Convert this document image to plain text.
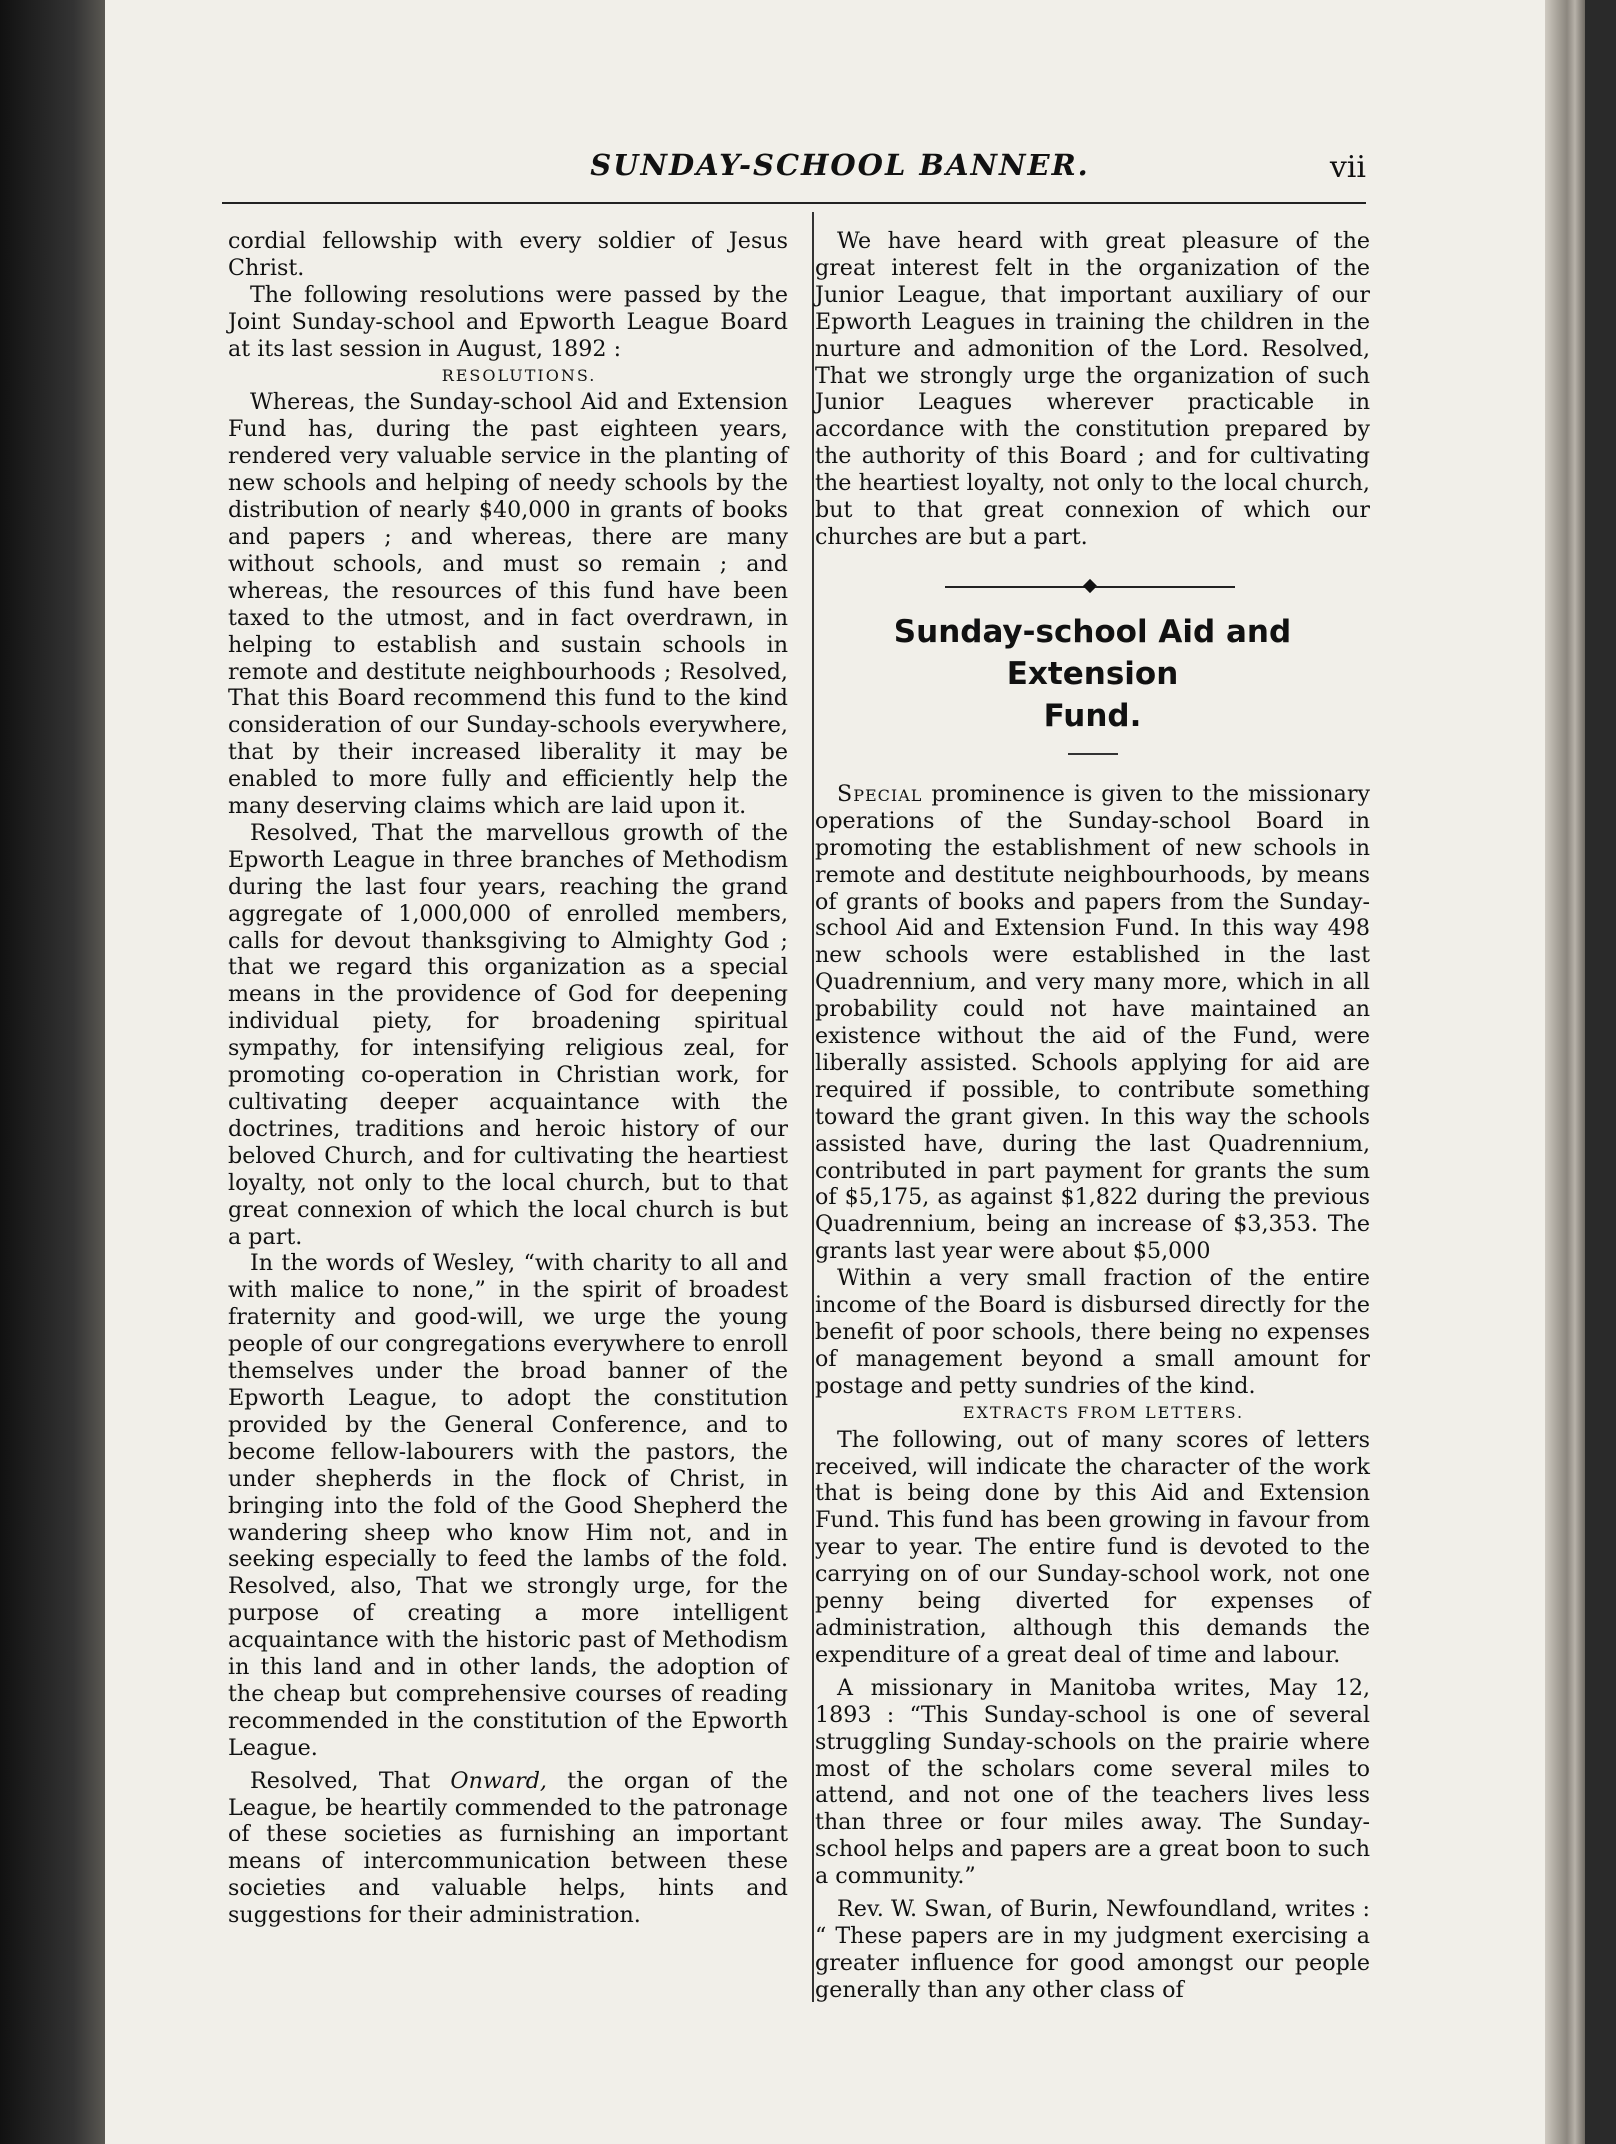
SUNDAY-SCHOOL BANNER.	vii

cordial fellowship with every soldier of Jesus Christ.

The following resolutions were passed by the Joint Sunday-school and Epworth League Board at its last session in August, 1892 :

RESOLUTIONS.

Whereas, the Sunday-school Aid and Extension Fund has, during the past eighteen years, rendered very valuable service in the planting of new schools and helping of needy schools by the distribution of nearly $40,000 in grants of books and papers ; and whereas, there are many without schools, and must so remain ; and whereas, the resources of this fund have been taxed to the utmost, and in fact overdrawn, in helping to establish and sustain schools in remote and destitute neighbourhoods ; Resolved, That this Board recommend this fund to the kind consideration of our Sunday-schools everywhere, that by their increased liberality it may be enabled to more fully and efficiently help the many deserving claims which are laid upon it.

Resolved, That the marvellous growth of the Epworth League in three branches of Methodism during the last four years, reaching the grand aggregate of 1,000,000 of enrolled members, calls for devout thanksgiving to Almighty God ; that we regard this organization as a special means in the providence of God for deepening individual piety, for broadening spiritual sympathy, for intensifying religious zeal, for promoting co-operation in Christian work, for cultivating deeper acquaintance with the doctrines, traditions and heroic history of our beloved Church, and for cultivating the heartiest loyalty, not only to the local church, but to that great connexion of which the local church is but a part.

In the words of Wesley, “with charity to all and with malice to none,” in the spirit of broadest fraternity and good-will, we urge the young people of our congregations everywhere to enroll themselves under the broad banner of the Epworth League, to adopt the constitution provided by the General Conference, and to become fellow-labourers with the pastors, the under shepherds in the flock of Christ, in bringing into the fold of the Good Shepherd the wandering sheep who know Him not, and in seeking especially to feed the lambs of the fold. Resolved, also, That we strongly urge, for the purpose of creating a more intelligent acquaintance with the historic past of Methodism in this land and in other lands, the adoption of the cheap but comprehensive courses of reading recommended in the constitution of the Epworth League.

Resolved, That Onward, the organ of the League, be heartily commended to the patronage of these societies as furnishing an important means of intercommunication between these societies and valuable helps, hints and suggestions for their administration.

We have heard with great pleasure of the great interest felt in the organization of the Junior League, that important auxiliary of our Epworth Leagues in training the children in the nurture and admonition of the Lord. Resolved, That we strongly urge the organization of such Junior Leagues wherever practicable in accordance with the constitution prepared by the authority of this Board ; and for cultivating the heartiest loyalty, not only to the local church, but to that great connexion of which our churches are but a part.

Sunday-school Aid and Extension
Fund.

Special prominence is given to the missionary operations of the Sunday-school Board in promoting the establishment of new schools in remote and destitute neighbourhoods, by means of grants of books and papers from the Sunday-school Aid and Extension Fund. In this way 498 new schools were established in the last Quadrennium, and very many more, which in all probability could not have maintained an existence without the aid of the Fund, were liberally assisted. Schools applying for aid are required if possible, to contribute something toward the grant given. In this way the schools assisted have, during the last Quadrennium, contributed in part payment for grants the sum of $5,175, as against $1,822 during the previous Quadrennium, being an increase of $3,353. The grants last year were about $5,000

Within a very small fraction of the entire income of the Board is disbursed directly for the benefit of poor schools, there being no expenses of management beyond a small amount for postage and petty sundries of the kind.

EXTRACTS FROM LETTERS.

The following, out of many scores of letters received, will indicate the character of the work that is being done by this Aid and Extension Fund. This fund has been growing in favour from year to year. The entire fund is devoted to the carrying on of our Sunday-school work, not one penny being diverted for expenses of administration, although this demands the expenditure of a great deal of time and labour.

A missionary in Manitoba writes, May 12, 1893 : “This Sunday-school is one of several struggling Sunday-schools on the prairie where most of the scholars come several miles to attend, and not one of the teachers lives less than three or four miles away. The Sunday-school helps and papers are a great boon to such a community.”

Rev. W. Swan, of Burin, Newfoundland, writes : “ These papers are in my judgment exercising a greater influence for good amongst our people generally than any other class of
